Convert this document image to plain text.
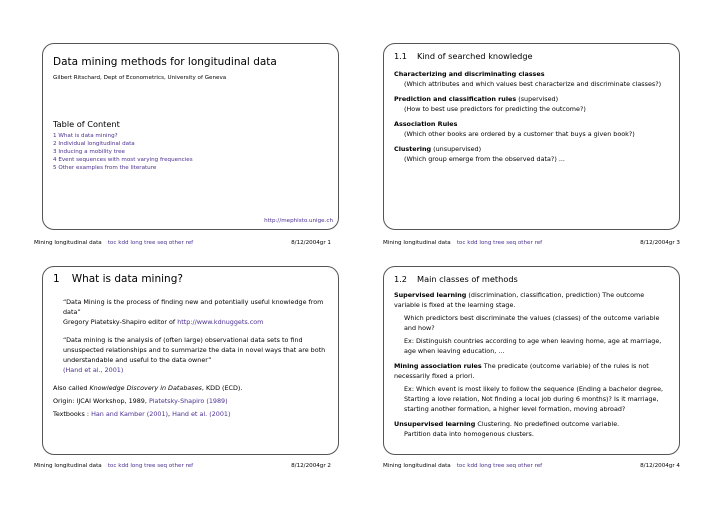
Data mining methods for longitudinal data
Gilbert Ritschard, Dept of Econometrics, University of Geneva
Table of Content
1 What is data mining?
2 Individual longitudinal data
3 Inducing a mobility tree
4 Event sequences with most varying frequencies
5 Other examples from the literature
http://mephisto.unige.ch
Mining longitudinal data toc kdd long tree seq other ref	8/12/2004gr 1
1.1 Kind of searched knowledge
Characterizing and discriminating classes
(Which attributes and which values best characterize and discriminate classes?)
Prediction and classification rules (supervised)
(How to best use predictors for predicting the outcome?)
Association Rules
(Which other books are ordered by a customer that buys a given book?)
Clustering (unsupervised)
(Which group emerge from the observed data?) ...
Mining longitudinal data toc kdd long tree seq other ref	8/12/2004gr 3
1 What is data mining?
“Data Mining is the process of finding new and potentially useful knowledge from data”
Gregory Piatetsky-Shapiro editor of http://www.kdnuggets.com
“Data mining is the analysis of (often large) observational data sets to find unsuspected relationships and to summarize the data in novel ways that are both understandable and useful to the data owner”
(Hand et al., 2001)
Also called Knowledge Discovery in Databases, KDD (ECD).
Origin: IJCAI Workshop, 1989, Piatetsky-Shapiro (1989)
Textbooks : Han and Kamber (2001), Hand et al. (2001)
Mining longitudinal data toc kdd long tree seq other ref	8/12/2004gr 2
1.2 Main classes of methods
Supervised learning (discrimination, classification, prediction) The outcome variable is fixed at the learning stage.
Which predictors best discriminate the values (classes) of the outcome variable and how?
Ex: Distinguish countries according to age when leaving home, age at marriage, age when leaving education, ...
Mining association rules The predicate (outcome variable) of the rules is not necessarily fixed a priori.
Ex: Which event is most likely to follow the sequence (Ending a bachelor degree, Starting a love relation, Not finding a local job during 6 months)? Is it marriage, starting another formation, a higher level formation, moving abroad?
Unsupervised learning Clustering. No predefined outcome variable.
Partition data into homogenous clusters.
Mining longitudinal data toc kdd long tree seq other ref	8/12/2004gr 4
